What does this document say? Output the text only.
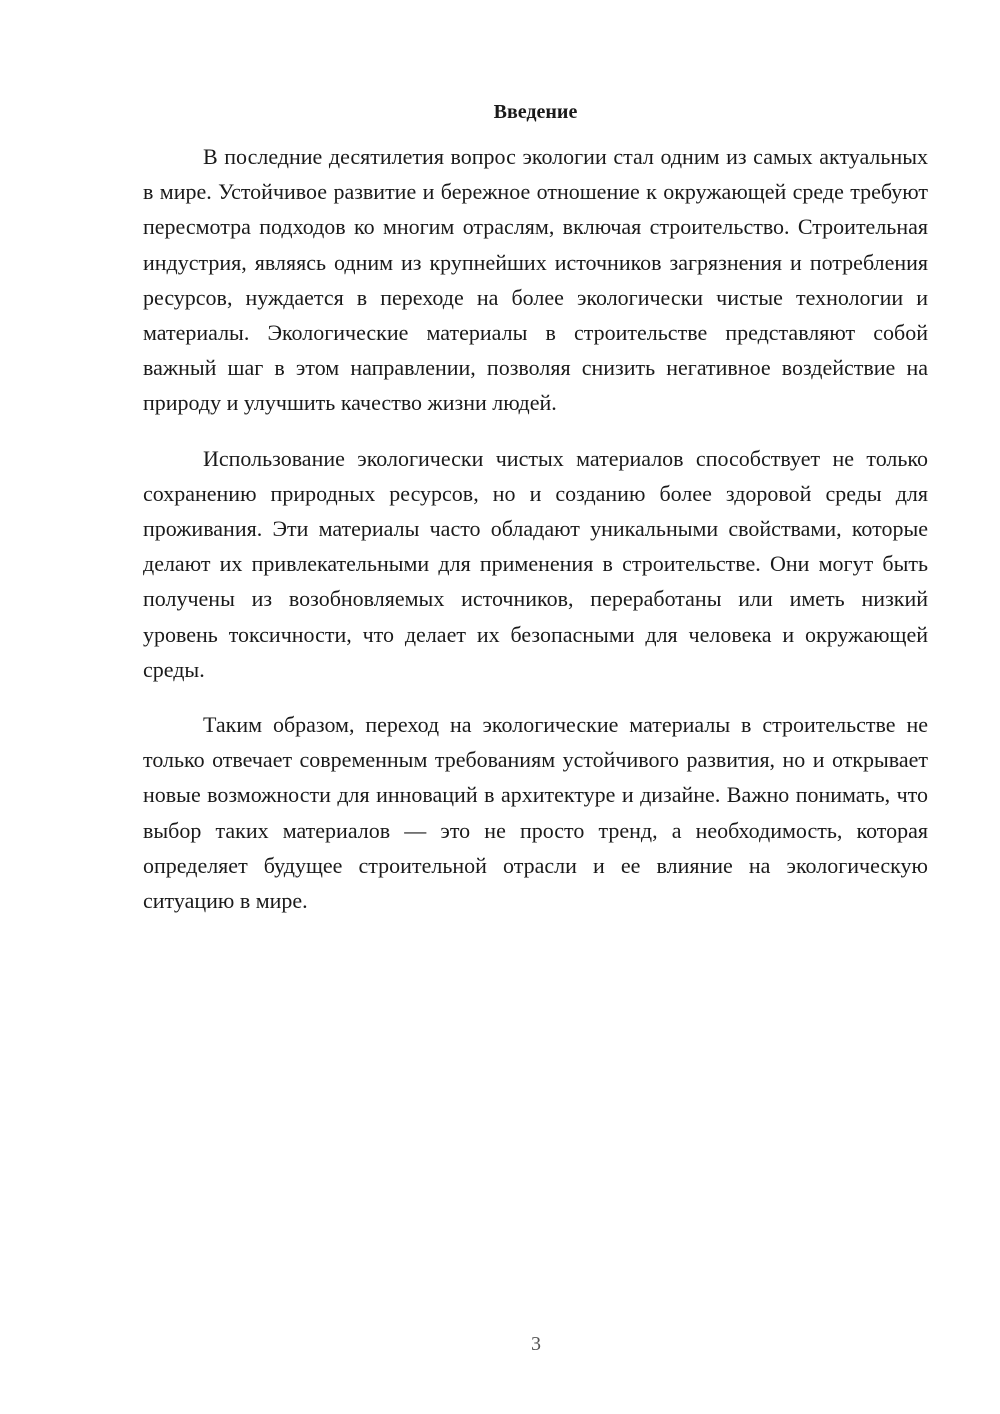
Введение

В последние десятилетия вопрос экологии стал одним из самых актуальных в мире. Устойчивое развитие и бережное отношение к окружающей среде требуют пересмотра подходов ко многим отраслям, включая строительство. Строительная индустрия, являясь одним из крупнейших источников загрязнения и потребления ресурсов, нуждается в переходе на более экологически чистые технологии и материалы. Экологические материалы в строительстве представляют собой важный шаг в этом направлении, позволяя снизить негативное воздействие на природу и улучшить качество жизни людей.

Использование экологически чистых материалов способствует не только сохранению природных ресурсов, но и созданию более здоровой среды для проживания. Эти материалы часто обладают уникальными свойствами, которые делают их привлекательными для применения в строительстве. Они могут быть получены из возобновляемых источников, переработаны или иметь низкий уровень токсичности, что делает их безопасными для человека и окружающей среды.

Таким образом, переход на экологические материалы в строительстве не только отвечает современным требованиям устойчивого развития, но и открывает новые возможности для инноваций в архитектуре и дизайне. Важно понимать, что выбор таких материалов — это не просто тренд, а необходимость, которая определяет будущее строительной отрасли и ее влияние на экологическую ситуацию в мире.

3
